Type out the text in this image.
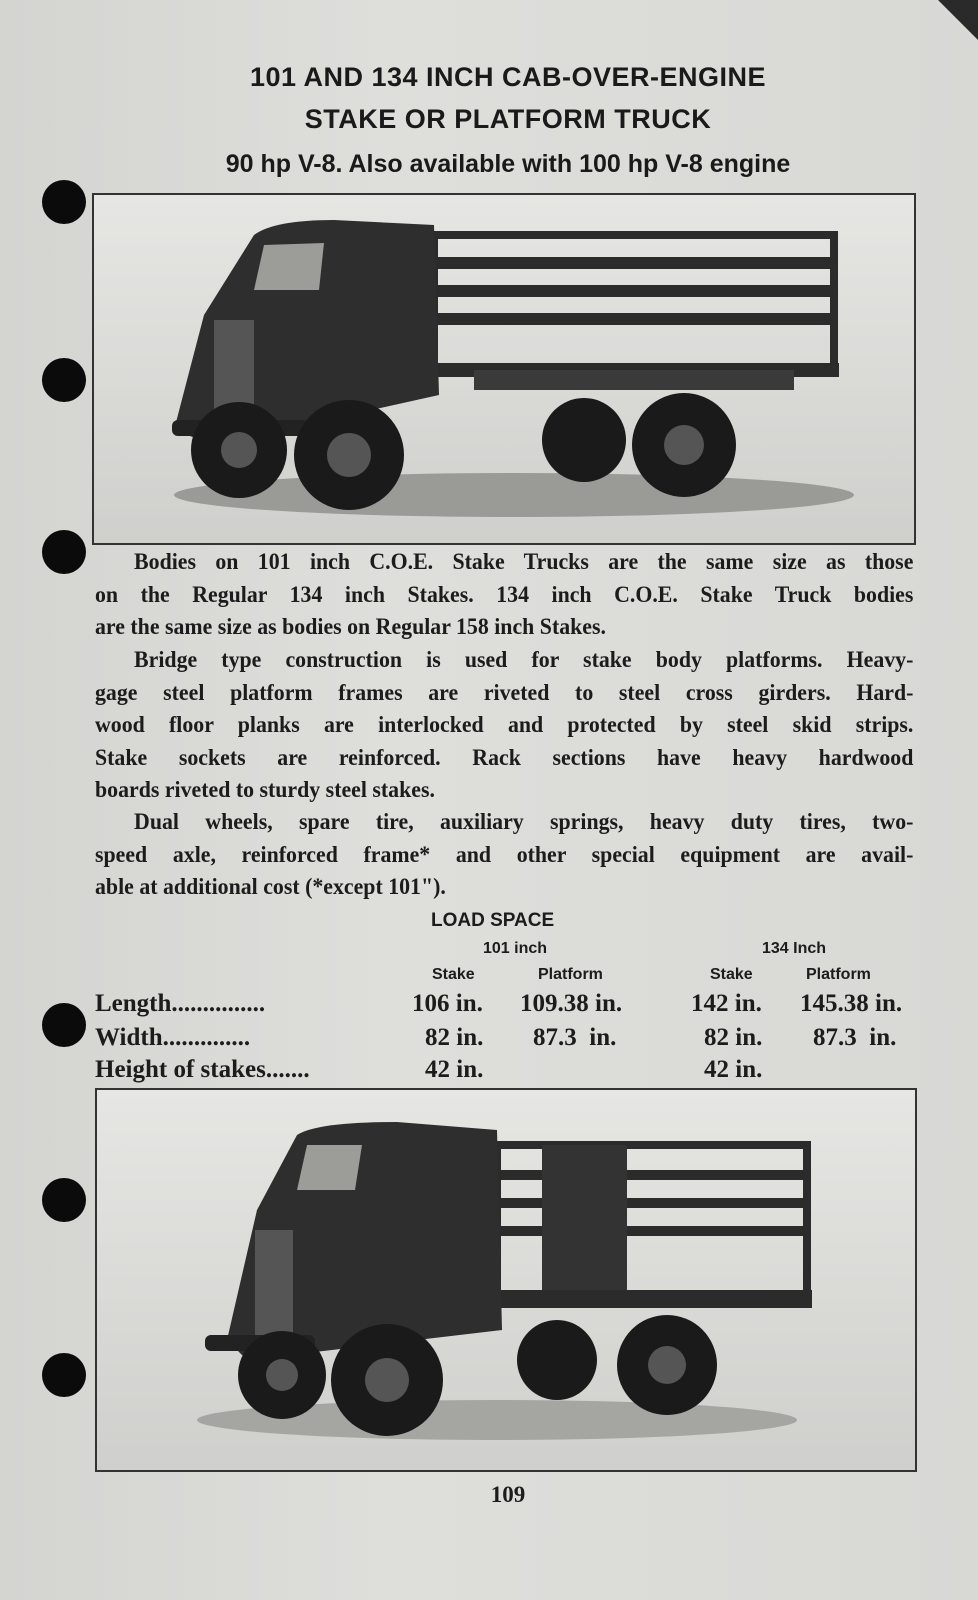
101 AND 134 INCH CAB-OVER-ENGINE
STAKE OR PLATFORM TRUCK
90 hp V-8. Also available with 100 hp V-8 engine
Bodies on 101 inch C.O.E. Stake Trucks are the same size as those
on the Regular 134 inch Stakes. 134 inch C.O.E. Stake Truck bodies
are the same size as bodies on Regular 158 inch Stakes.
Bridge type construction is used for stake body platforms. Heavy-
gage steel platform frames are riveted to steel cross girders. Hard-
wood floor planks are interlocked and protected by steel skid strips.
Stake sockets are reinforced. Rack sections have heavy hardwood
boards riveted to sturdy steel stakes.
Dual wheels, spare tire, auxiliary springs, heavy duty tires, two-
speed axle, reinforced frame* and other special equipment are avail-
able at additional cost (*except 101").
LOAD SPACE
101 inch	134 Inch
Stake	Platform	Stake	Platform
Length...............	106 in. 109.38 in.	142 in. 145.38 in.
Width..............	82 in. 87.3  in.	82 in. 87.3  in.
Height of stakes.......	42 in.	42 in.
109
